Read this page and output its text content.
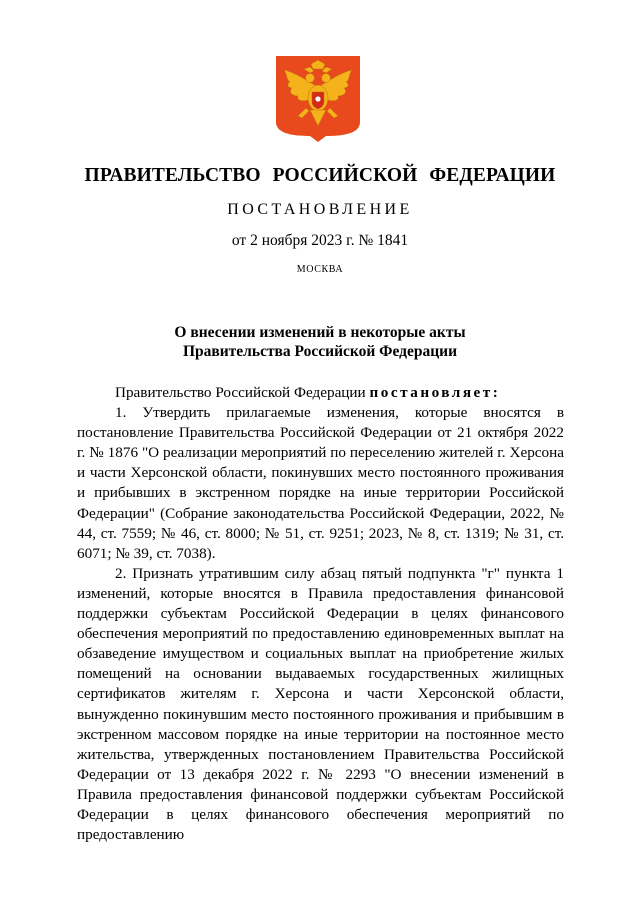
ПРАВИТЕЛЬСТВО РОССИЙСКОЙ ФЕДЕРАЦИИ
ПОСТАНОВЛЕНИЕ
от 2 ноября 2023 г. № 1841
МОСКВА
О внесении изменений в некоторые акты
Правительства Российской Федерации

Правительство Российской Федерации постановляет:

1. Утвердить прилагаемые изменения, которые вносятся в постановление Правительства Российской Федерации от 21 октября 2022 г. № 1876 "О реализации мероприятий по переселению жителей г. Херсона и части Херсонской области, покинувших место постоянного проживания и прибывших в экстренном порядке на иные территории Российской Федерации" (Собрание законодательства Российской Федерации, 2022, № 44, ст. 7559; № 46, ст. 8000; № 51, ст. 9251; 2023, № 8, ст. 1319; № 31, ст. 6071; № 39, ст. 7038).

2. Признать утратившим силу абзац пятый подпункта "г" пункта 1 изменений, которые вносятся в Правила предоставления финансовой поддержки субъектам Российской Федерации в целях финансового обеспечения мероприятий по предоставлению единовременных выплат на обзаведение имуществом и социальных выплат на приобретение жилых помещений на основании выдаваемых государственных жилищных сертификатов жителям г. Херсона и части Херсонской области, вынужденно покинувшим место постоянного проживания и прибывшим в экстренном массовом порядке на иные территории на постоянное место жительства, утвержденных постановлением Правительства Российской Федерации от 13 декабря 2022 г. № 2293 "О внесении изменений в Правила предоставления финансовой поддержки субъектам Российской Федерации в целях финансового обеспечения мероприятий по предоставлению
